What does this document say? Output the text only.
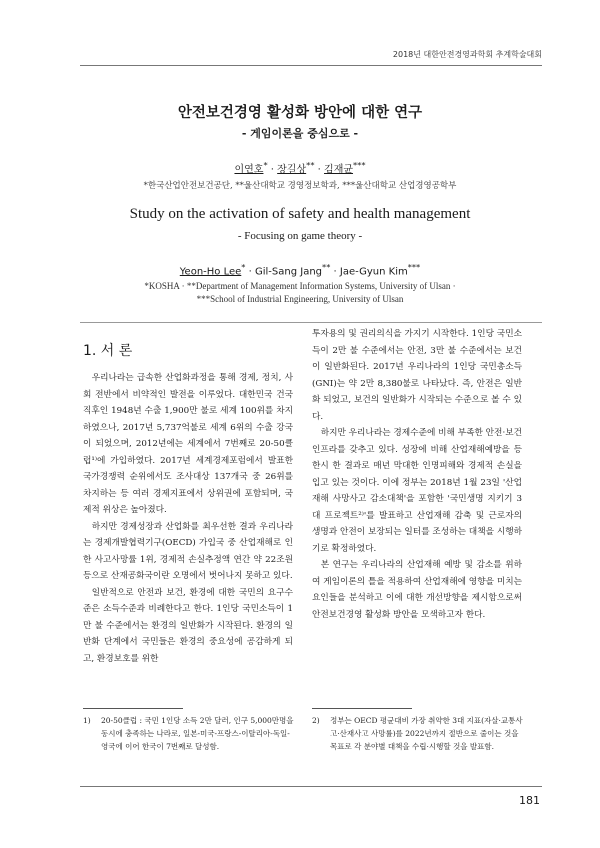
2018년 대한안전경영과학회 추계학술대회
안전보건경영 활성화 방안에 대한 연구
- 게임이론을 중심으로 -
이연호* · 장길상** · 김재균***
*한국산업안전보건공단, **울산대학교 경영정보학과, ***울산대학교 산업경영공학부
Study on the activation of safety and health management
- Focusing on game theory -
Yeon-Ho Lee* · Gil-Sang Jang** · Jae-Gyun Kim***
*KOSHA · **Department of Management Information Systems, University of Ulsan ·
***School of Industrial Engineering, University of Ulsan
1. 서 론

우리나라는 급속한 산업화과정을 통해 경제, 정치, 사회 전반에서 비약적인 발전을 이루었다. 대한민국 건국 직후인 1948년 수출 1,900만 불로 세계 100위를 차지하였으나, 2017년 5,737억불로 세계 6위의 수출 강국이 되었으며, 2012년에는 세계에서 7번째로 20-50클럽¹⁾에 가입하였다. 2017년 세계경제포럼에서 발표한 국가경쟁력 순위에서도 조사대상 137개국 중 26위를 차지하는 등 여러 경제지표에서 상위권에 포함되며, 국제적 위상은 높아졌다.

하지만 경제성장과 산업화를 최우선한 결과 우리나라는 경제개발협력기구(OECD) 가입국 중 산업재해로 인한 사고사망률 1위, 경제적 손실추정액 연간 약 22조원 등으로 산재공화국이란 오명에서 벗어나지 못하고 있다.

일반적으로 안전과 보건, 환경에 대한 국민의 요구수준은 소득수준과 비례한다고 한다. 1인당 국민소득이 1만 불 수준에서는 환경의 일반화가 시작된다. 환경의 일반화 단계에서 국민들은 환경의 중요성에 공감하게 되고, 환경보호를 위한

투자용의 및 권리의식을 가지기 시작한다. 1인당 국민소득이 2만 불 수준에서는 안전, 3만 불 수준에서는 보건이 일반화된다. 2017년 우리나라의 1인당 국민총소득(GNI)는 약 2만 8,380불로 나타났다. 즉, 안전은 일반화 되었고, 보건의 일반화가 시작되는 수준으로 볼 수 있다.

하지만 우리나라는 경제수준에 비해 부족한 안전·보건 인프라를 갖추고 있다. 성장에 비해 산업재해예방을 등한시 한 결과로 매년 막대한 인명피해와 경제적 손실을 입고 있는 것이다. 이에 정부는 2018년 1월 23일 '산업재해 사망사고 감소대책'을 포함한 '국민생명 지키기 3대 프로젝트²⁾'를 발표하고 산업재해 감축 및 근로자의 생명과 안전이 보장되는 일터를 조성하는 대책을 시행하기로 확정하였다.

본 연구는 우리나라의 산업재해 예방 및 감소를 위하여 게임이론의 틀을 적용하여 산업재해에 영향을 미치는 요인들을 분석하고 이에 대한 개선방향을 제시함으로써 안전보건경영 활성화 방안을 모색하고자 한다.

1) 20-50클럽 : 국민 1인당 소득 2만 달러, 인구 5,000만명을 동시에 충족하는 나라로, 일본-미국-프랑스-이탈리아-독일-영국에 이어 한국이 7번째로 달성함.
2) 정부는 OECD 평균대비 가장 취약한 3대 지표(자살·교통사고·산재사고 사망률)를 2022년까지 절반으로 줄이는 것을 목표로 각 분야별 대책을 수립·시행할 것을 발표함.
181
